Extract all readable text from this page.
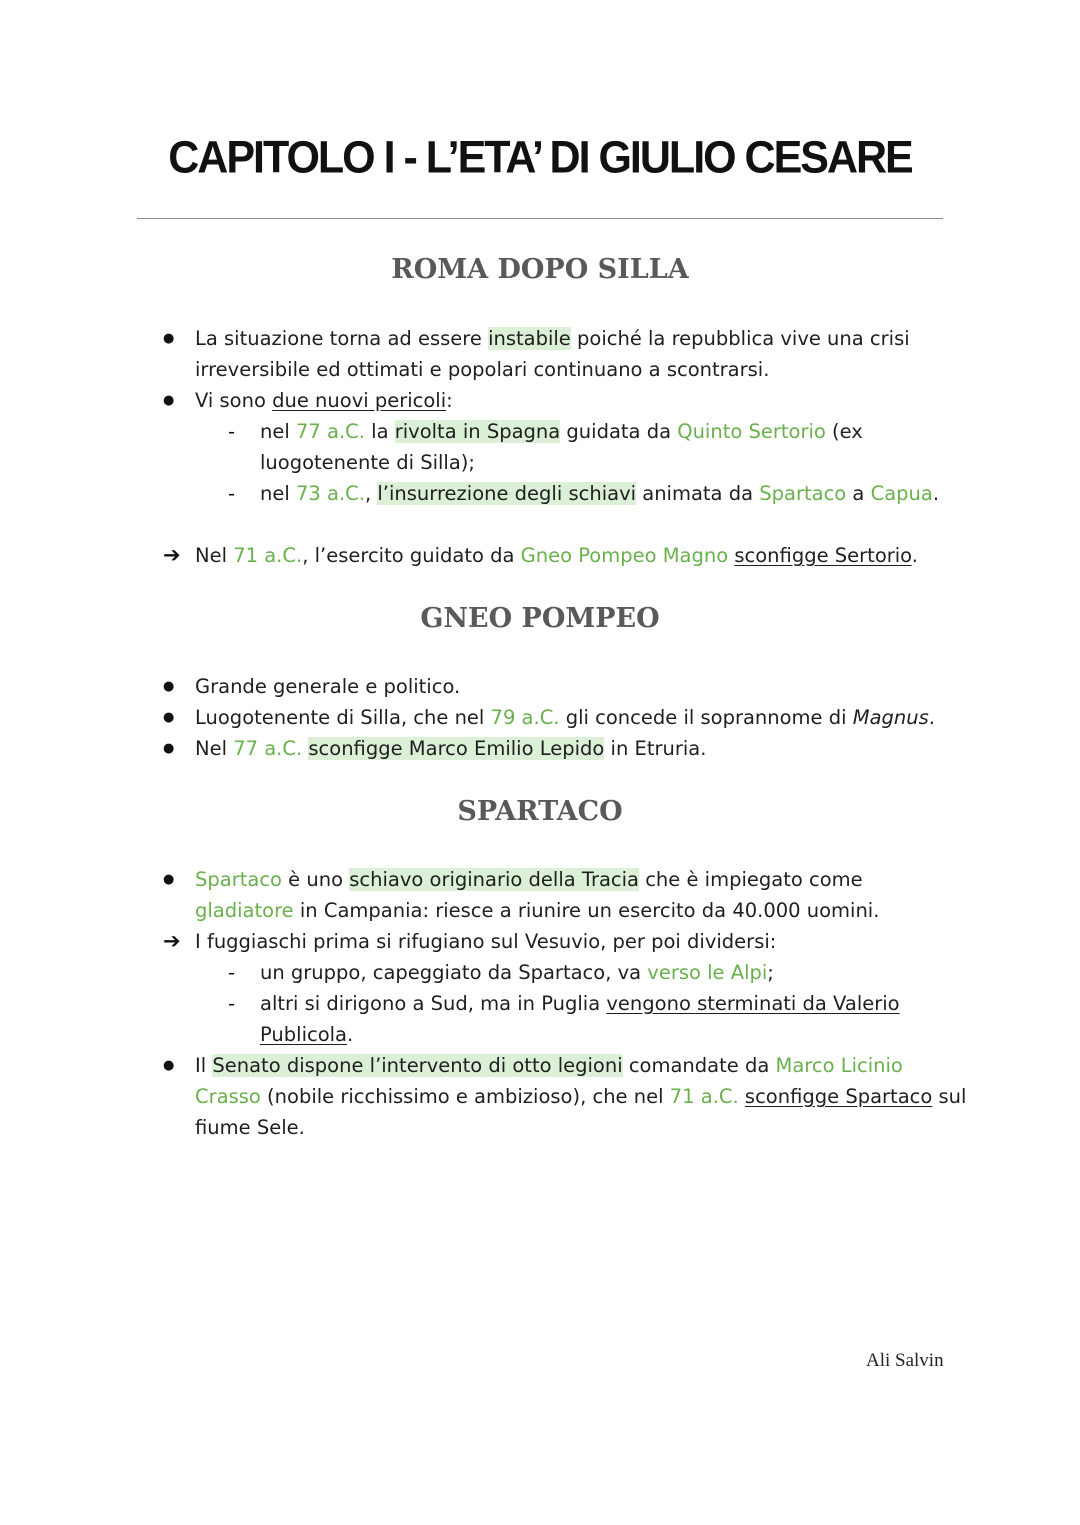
CAPITOLO I - L’ETA’ DI GIULIO CESARE
ROMA DOPO SILLA
● La situazione torna ad essere instabile poiché la repubblica vive una crisi
irreversibile ed ottimati e popolari continuano a scontrarsi.
● Vi sono due nuovi pericoli:
- nel 77 a.C. la rivolta in Spagna guidata da Quinto Sertorio (ex
luogotenente di Silla);
- nel 73 a.C., l’insurrezione degli schiavi animata da Spartaco a Capua.
➔ Nel 71 a.C., l’esercito guidato da Gneo Pompeo Magno sconfigge Sertorio.
GNEO POMPEO
● Grande generale e politico.
● Luogotenente di Silla, che nel 79 a.C. gli concede il soprannome di Magnus.
● Nel 77 a.C. sconfigge Marco Emilio Lepido in Etruria.
SPARTACO
● Spartaco è uno schiavo originario della Tracia che è impiegato come
gladiatore in Campania: riesce a riunire un esercito da 40.000 uomini.
➔ I fuggiaschi prima si rifugiano sul Vesuvio, per poi dividersi:
- un gruppo, capeggiato da Spartaco, va verso le Alpi;
- altri si dirigono a Sud, ma in Puglia vengono sterminati da Valerio
Publicola.
● Il Senato dispone l’intervento di otto legioni comandate da Marco Licinio
Crasso (nobile ricchissimo e ambizioso), che nel 71 a.C. sconfigge Spartaco sul
fiume Sele.
Ali Salvin
